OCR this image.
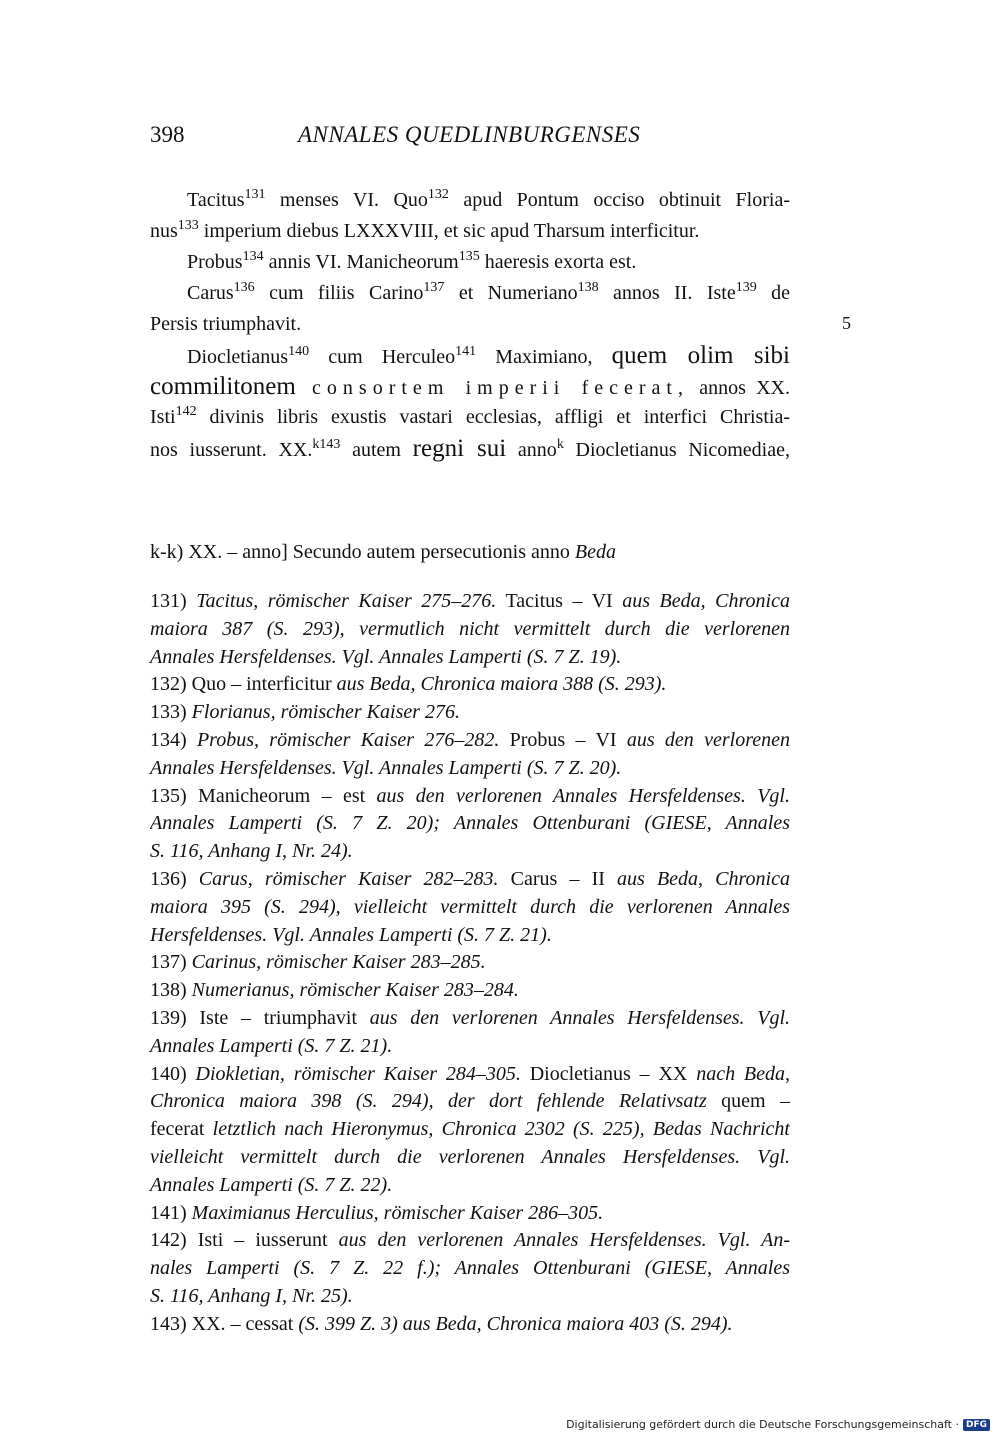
398	ANNALES QUEDLINBURGENSES
Tacitus$^{131}$ menses VI. Quo$^{132}$ apud Pontum occiso obtinuit Floria-
nus$^{133}$ imperium diebus LXXXVIII, et sic apud Tharsum interficitur.
Probus$^{134}$ annis VI. Manicheorum$^{135}$ haeresis exorta est.
Carus$^{136}$ cum filiis Carino$^{137}$ et Numeriano$^{138}$ annos II. Iste$^{139}$ de
Persis triumphavit.
Diocletianus$^{140}$ cum Herculeo$^{141}$ Maximiano, quem olim sibi
commilitonem consortem imperii fecerat, annos XX.
Isti$^{142}$ divinis libris exustis vastari ecclesias, affligi et interfici Christia-
nos iusserunt. XX.$^{k143}$ autem regni sui anno$^k$ Diocletianus Nicomediae,
5
k-k) XX. – anno] Secundo autem persecutionis anno Beda
131) Tacitus, römischer Kaiser 275–276. Tacitus – VI aus Beda, Chronica
maiora 387 (S. 293), vermutlich nicht vermittelt durch die verlorenen
Annales Hersfeldenses. Vgl. Annales Lamperti (S. 7 Z. 19).
132) Quo – interficitur aus Beda, Chronica maiora 388 (S. 293).
133) Florianus, römischer Kaiser 276.
134) Probus, römischer Kaiser 276–282. Probus – VI aus den verlorenen
Annales Hersfeldenses. Vgl. Annales Lamperti (S. 7 Z. 20).
135) Manicheorum – est aus den verlorenen Annales Hersfeldenses. Vgl.
Annales Lamperti (S. 7 Z. 20); Annales Ottenburani (GIESE, Annales
S. 116, Anhang I, Nr. 24).
136) Carus, römischer Kaiser 282–283. Carus – II aus Beda, Chronica
maiora 395 (S. 294), vielleicht vermittelt durch die verlorenen Annales
Hersfeldenses. Vgl. Annales Lamperti (S. 7 Z. 21).
137) Carinus, römischer Kaiser 283–285.
138) Numerianus, römischer Kaiser 283–284.
139) Iste – triumphavit aus den verlorenen Annales Hersfeldenses. Vgl.
Annales Lamperti (S. 7 Z. 21).
140) Diokletian, römischer Kaiser 284–305. Diocletianus – XX nach Beda,
Chronica maiora 398 (S. 294), der dort fehlende Relativsatz quem –
fecerat letztlich nach Hieronymus, Chronica 2302 (S. 225), Bedas Nachricht
vielleicht vermittelt durch die verlorenen Annales Hersfeldenses. Vgl.
Annales Lamperti (S. 7 Z. 22).
141) Maximianus Herculius, römischer Kaiser 286–305.
142) Isti – iusserunt aus den verlorenen Annales Hersfeldenses. Vgl. An-
nales Lamperti (S. 7 Z. 22 f.); Annales Ottenburani (GIESE, Annales
S. 116, Anhang I, Nr. 25).
143) XX. – cessat (S. 399 Z. 3) aus Beda, Chronica maiora 403 (S. 294).
Digitalisierung gefördert durch die Deutsche Forschungsgemeinschaft · DFG
